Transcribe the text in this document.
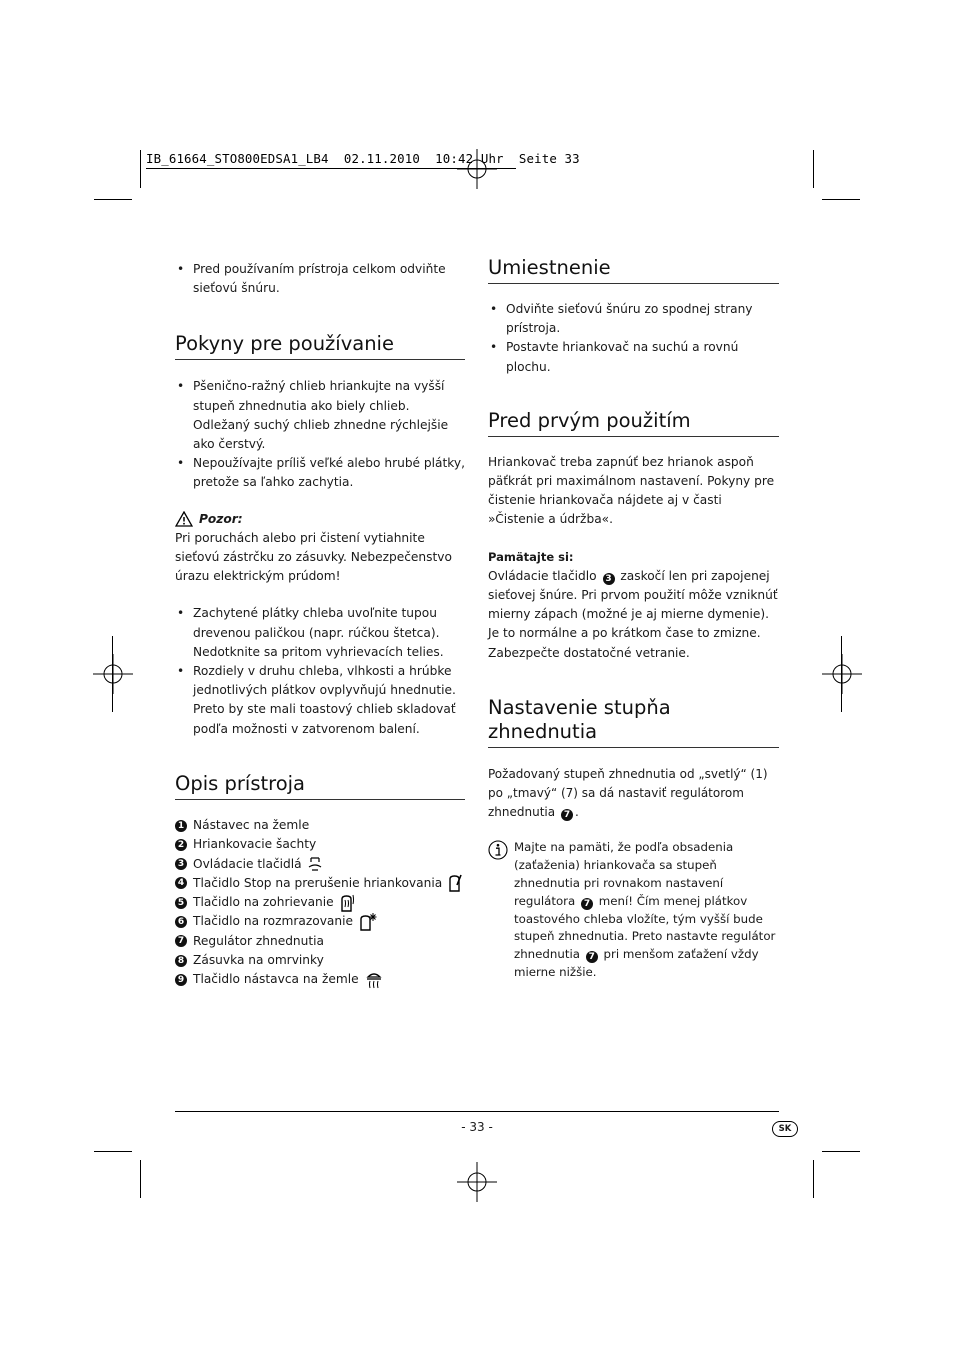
IB_61664_STO800EDSA1_LB4  02.11.2010  10:42 Uhr  Seite 33
• Pred používaním prístroja celkom odviňte sieťovú šnúru.
Pokyny pre používanie
• Pšenično-ražný chlieb hriankujte na vyšší stupeň zhnednutia ako biely chlieb. Odležaný suchý chlieb zhnedne rýchlejšie ako čerstvý.
• Nepoužívajte príliš veľké alebo hrubé plátky, pretože sa ľahko zachytia.
Pozor:

Pri poruchách alebo pri čistení vytiahnite sieťovú zástrčku zo zásuvky. Nebezpečenstvo úrazu elektrickým prúdom!

• Zachytené plátky chleba uvoľnite tupou drevenou paličkou (napr. rúčkou štetca). Nedotknite sa pritom vyhrievacích telies.
• Rozdiely v druhu chleba, vlhkosti a hrúbke jednotlivých plátkov ovplyvňujú hnednutie. Preto by ste mali toastový chlieb skladovať podľa možnosti v zatvorenom balení.
Opis prístroja
1 Nástavec na žemle
2 Hriankovacie šachty
3 Ovládacie tlačidlá
4 Tlačidlo Stop na prerušenie hriankovania
5 Tlačidlo na zohrievanie
6 Tlačidlo na rozmrazovanie
7 Regulátor zhnednutia
8 Zásuvka na omrvinky
9 Tlačidlo nástavca na žemle
Umiestnenie
• Odviňte sieťovú šnúru zo spodnej strany prístroja.
• Postavte hriankovač na suchú a rovnú plochu.
Pred prvým použitím

Hriankovač treba zapnúť bez hrianok aspoň päťkrát pri maximálnom nastavení. Pokyny pre čistenie hriankovača nájdete aj v časti »Čistenie a údržba«.

Pamätajte si:

Ovládacie tlačidlo 3 zaskočí len pri zapojenej sieťovej šnúre. Pri prvom použití môže vzniknúť mierny zápach (možné je aj mierne dymenie). Je to normálne a po krátkom čase to zmizne. Zabezpečte dostatočné vetranie.

Nastavenie stupňa zhnednutia

Požadovaný stupeň zhnednutia od „svetlý“ (1) po „tmavý“ (7) sa dá nastaviť regulátorom zhnednutia 7 .

Majte na pamäti, že podľa obsadenia (zaťaženia) hriankovača sa stupeň zhnednutia pri rovnakom nastavení regulátora 7 mení! Čím menej plátkov toastového chleba vložíte, tým vyšší bude stupeň zhnednutia. Preto nastavte regulátor zhnednutia 7 pri menšom zaťažení vždy mierne nižšie.
- 33 -	SK
